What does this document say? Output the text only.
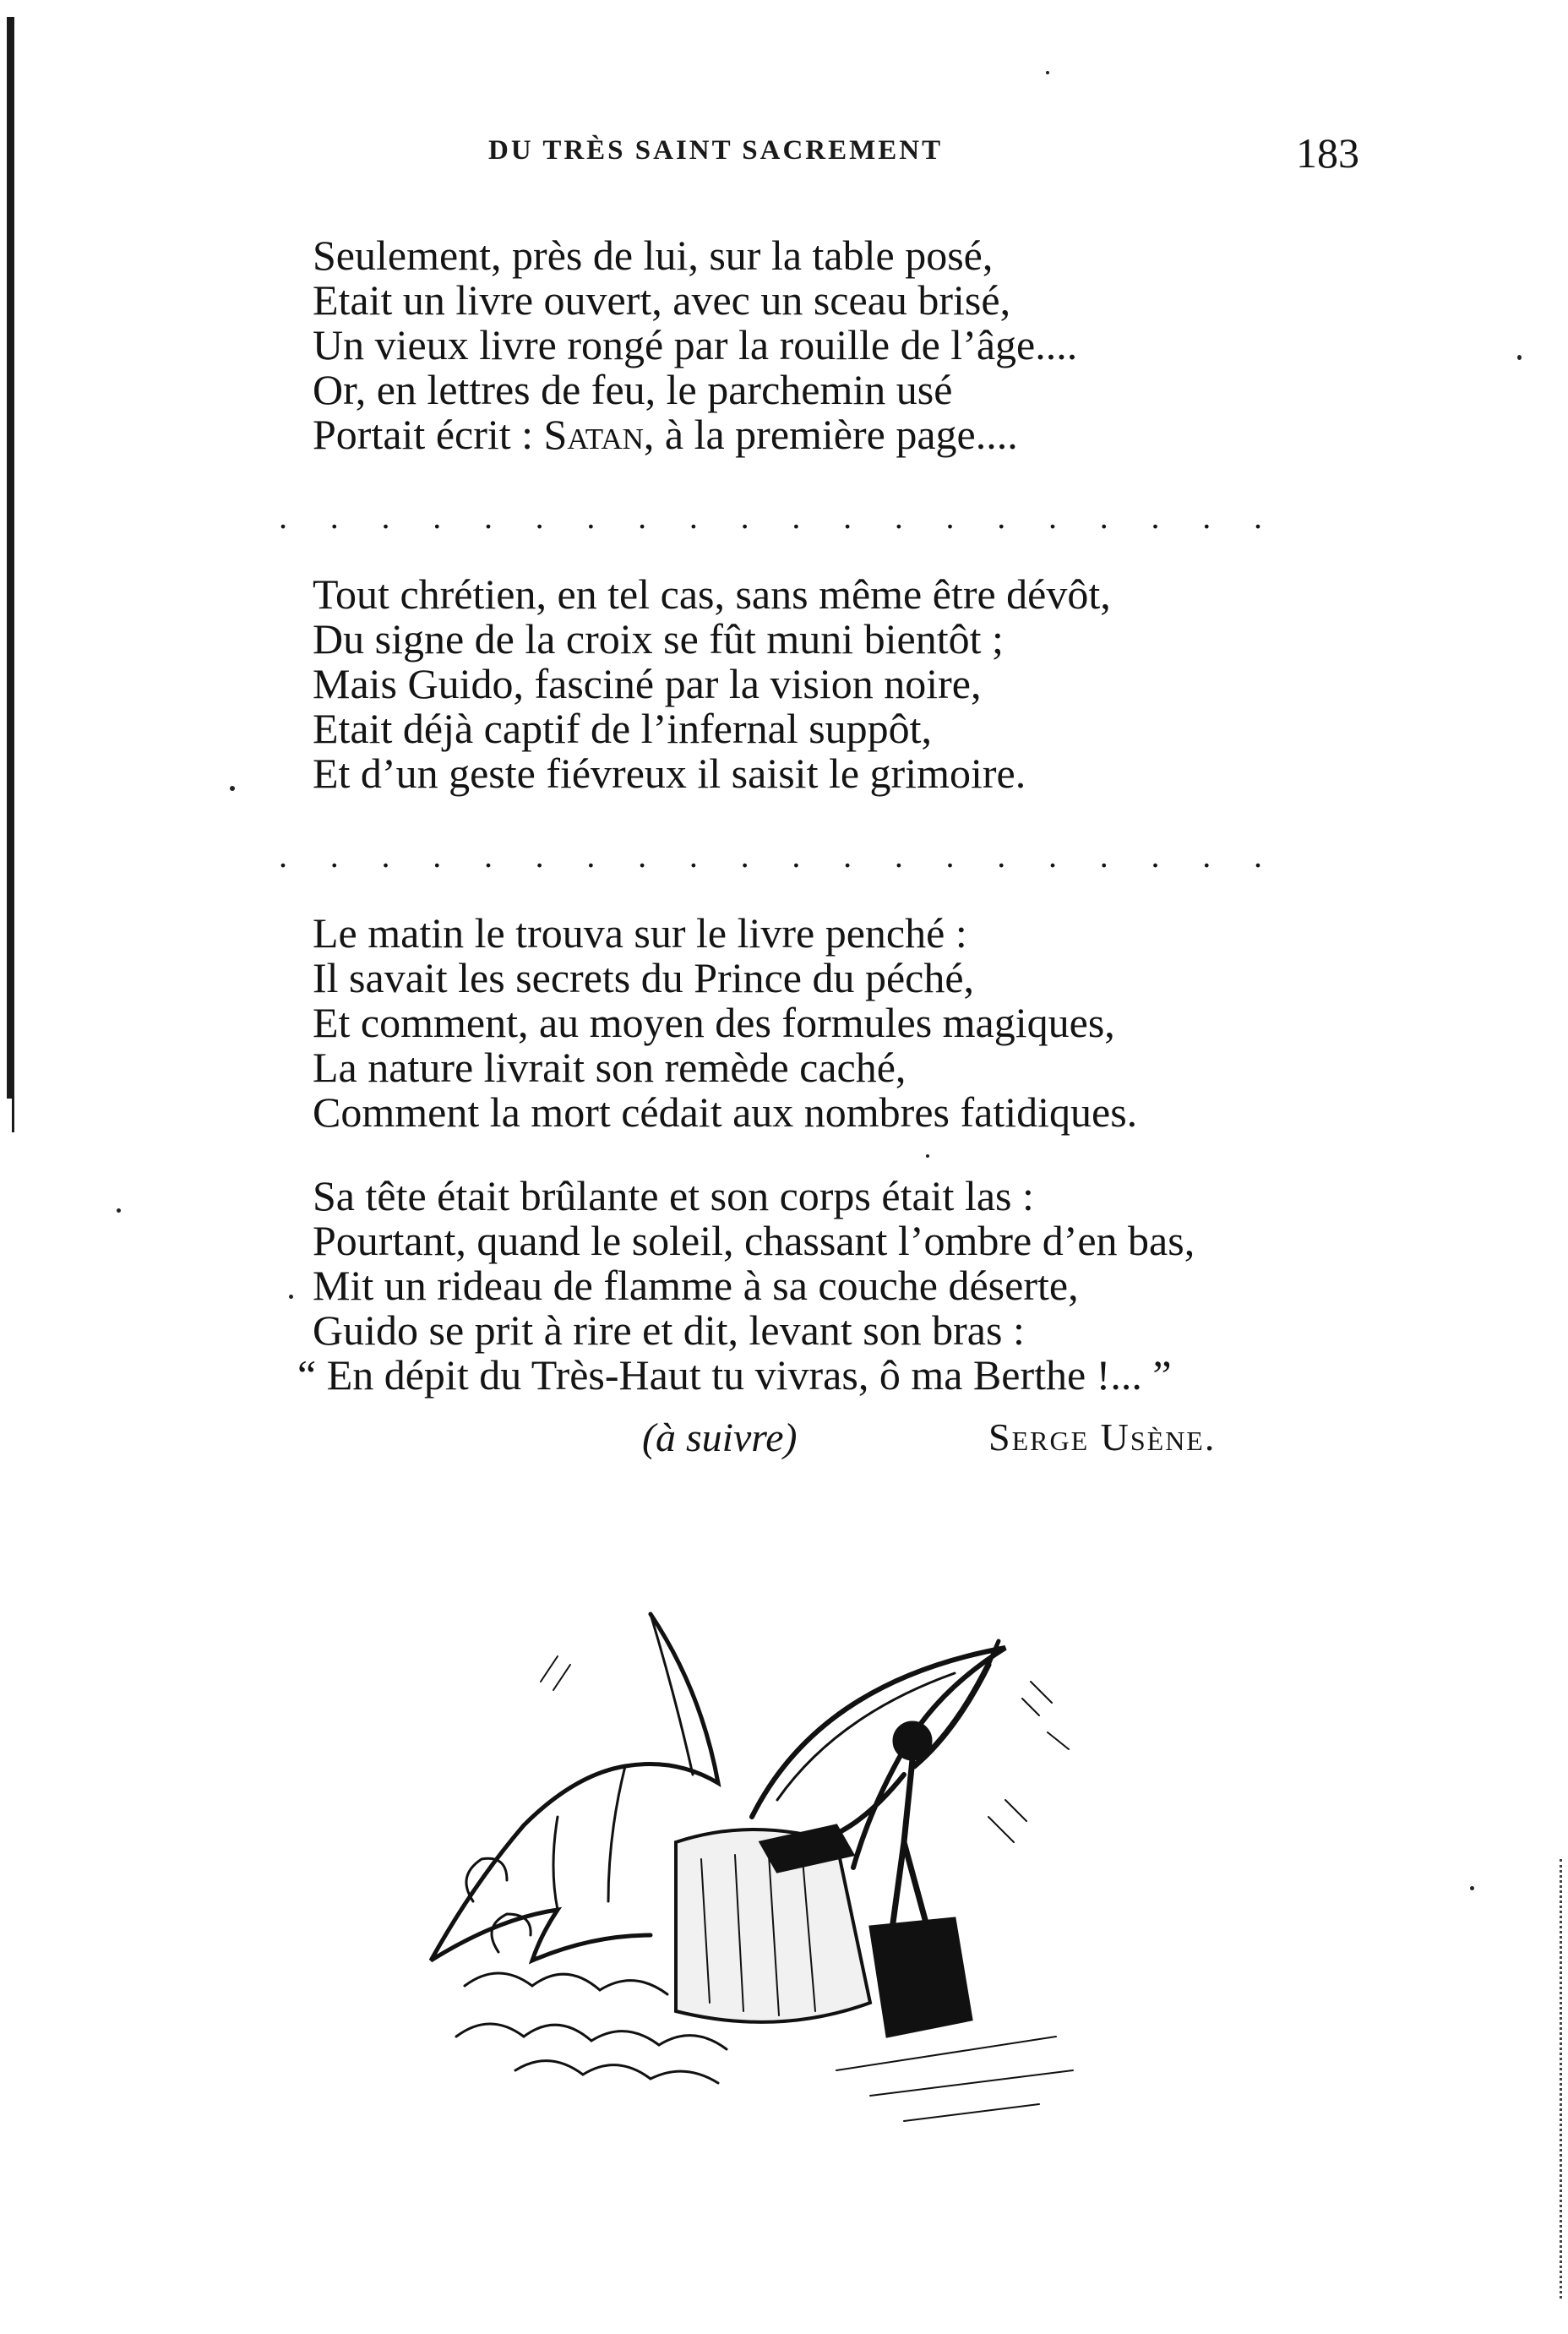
DU TRÈS SAINT SACREMENT	183
Seulement, près de lui, sur la table posé,
Etait un livre ouvert, avec un sceau brisé,
Un vieux livre rongé par la rouille de l’âge....
Or, en lettres de feu, le parchemin usé
Portait écrit : Satan, à la première page....
. . . . . . . . . . . . . . . . . . . .
Tout chrétien, en tel cas, sans même être dévôt,
Du signe de la croix se fût muni bientôt ;
Mais Guido, fasciné par la vision noire,
Etait déjà captif de l’infernal suppôt,
Et d’un geste fiévreux il saisit le grimoire.
. . . . . . . . . . . . . . . . . . . .
Le matin le trouva sur le livre penché :
Il savait les secrets du Prince du péché,
Et comment, au moyen des formules magiques,
La nature livrait son remède caché,
Comment la mort cédait aux nombres fatidiques.
Sa tête était brûlante et son corps était las :
Pourtant, quand le soleil, chassant l’ombre d’en bas,
Mit un rideau de flamme à sa couche déserte,
Guido se prit à rire et dit, levant son bras :
“ En dépit du Très-Haut tu vivras, ô ma Berthe !... ”
(à suivre)	Serge Usène.
